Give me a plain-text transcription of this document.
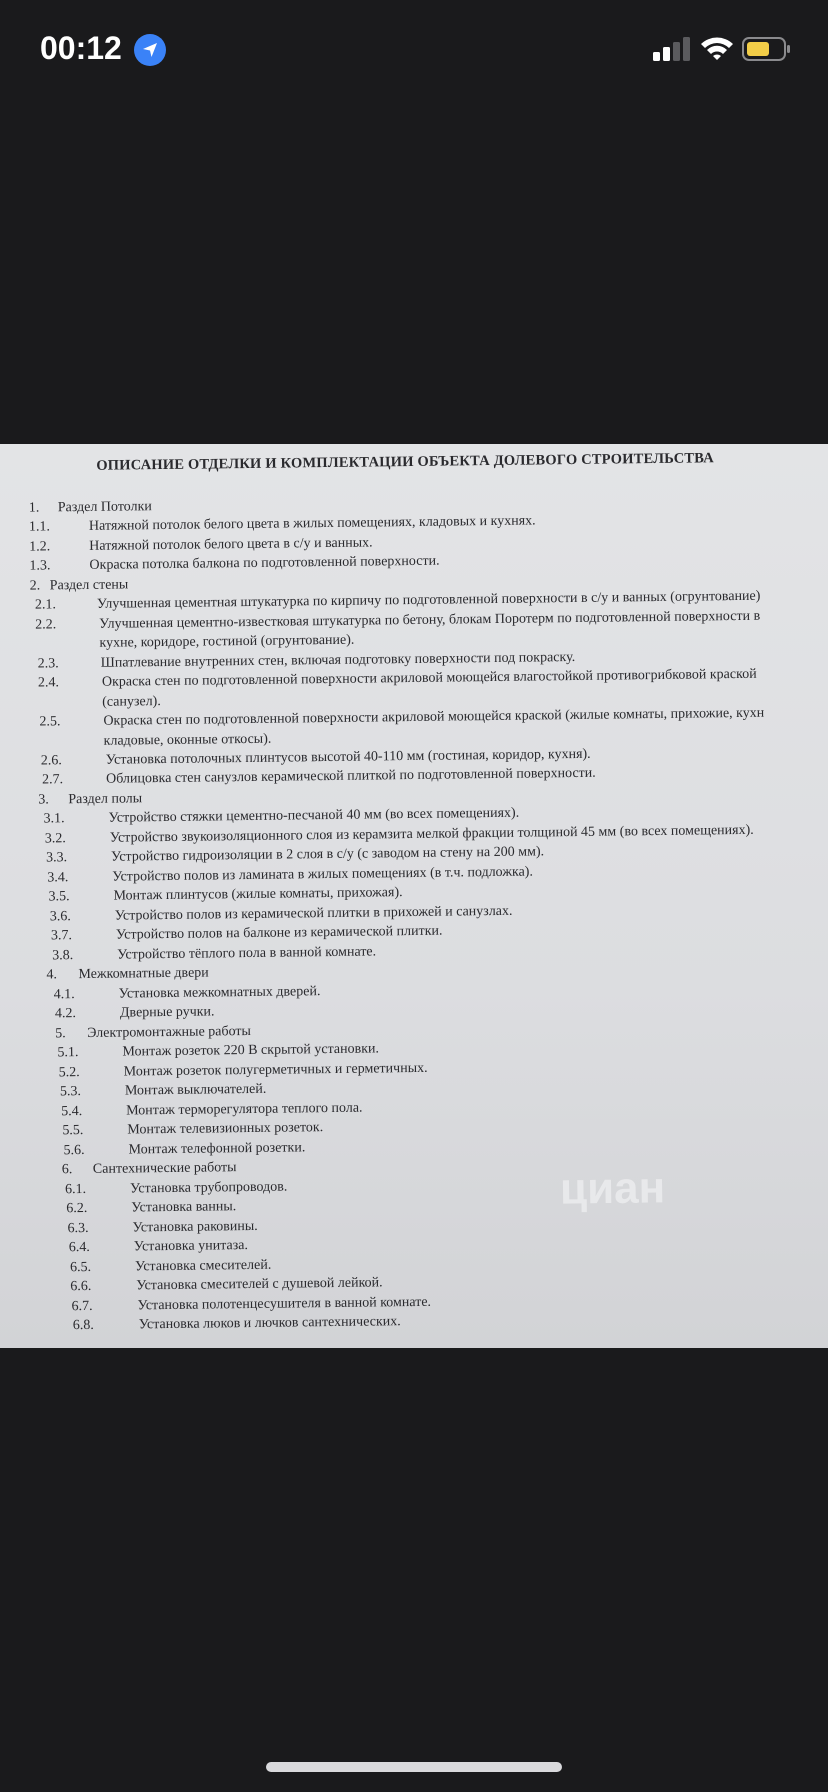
00:12
ОПИСАНИЕ ОТДЕЛКИ И КОМПЛЕКТАЦИИ ОБЪЕКТА ДОЛЕВОГО СТРОИТЕЛЬСТВА
1. Раздел Потолки
1.1.	Натяжной потолок белого цвета в жилых помещениях, кладовых и кухнях.
1.2.	Натяжной потолок белого цвета в с/у и ванных.
1.3.	Окраска потолка балкона по подготовленной поверхности.
2. Раздел стены
2.1.	Улучшенная цементная штукатурка по кирпичу по подготовленной поверхности в с/у и ванных (огрунтование)
2.2.	Улучшенная цементно-известковая штукатурка по бетону, блокам Поротерм по подготовленной поверхности в
кухне, коридоре, гостиной (огрунтование).
2.3.	Шпатлевание внутренних стен, включая подготовку поверхности под покраску.
2.4.	Окраска стен по подготовленной поверхности акриловой моющейся влагостойкой противогрибковой краской
(санузел).
2.5.	Окраска стен по подготовленной поверхности акриловой моющейся краской (жилые комнаты, прихожие, кухн
кладовые, оконные откосы).
2.6.	Установка потолочных плинтусов высотой 40-110 мм (гостиная, коридор, кухня).
2.7.	Облицовка стен санузлов керамической плиткой по подготовленной поверхности.
3. Раздел полы
3.1.	Устройство стяжки цементно-песчаной 40 мм (во всех помещениях).
3.2.	Устройство звукоизоляционного слоя из керамзита мелкой фракции толщиной 45 мм (во всех помещениях).
3.3.	Устройство гидроизоляции в 2 слоя в с/у (с заводом на стену на 200 мм).
3.4.	Устройство полов из ламината в жилых помещениях (в т.ч. подложка).
3.5.	Монтаж плинтусов (жилые комнаты, прихожая).
3.6.	Устройство полов из керамической плитки в прихожей и санузлах.
3.7.	Устройство полов на балконе из керамической плитки.
3.8.	Устройство тёплого пола в ванной комнате.
4. Межкомнатные двери
4.1.	Установка межкомнатных дверей.
4.2.	Дверные ручки.
5. Электромонтажные работы
5.1.	Монтаж розеток 220 В скрытой установки.
5.2.	Монтаж розеток полугерметичных и герметичных.
5.3.	Монтаж выключателей.
5.4.	Монтаж терморегулятора теплого пола.
5.5.	Монтаж телевизионных розеток.
5.6.	Монтаж телефонной розетки.
6. Сантехнические работы
6.1.	Установка трубопроводов.
6.2.	Установка ванны.
6.3.	Установка раковины.
6.4.	Установка унитаза.
6.5.	Установка смесителей.
6.6.	Установка смесителей с душевой лейкой.
6.7.	Установка полотенцесушителя в ванной комнате.
6.8.	Установка люков и лючков сантехнических.
циан
